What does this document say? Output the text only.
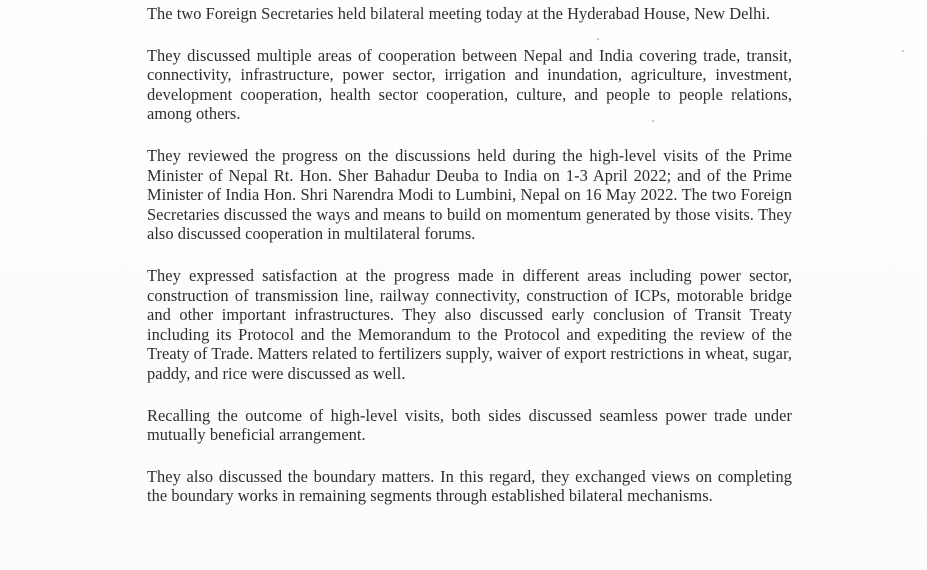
The two Foreign Secretaries held bilateral meeting today at the Hyderabad House, New Delhi.

They discussed multiple areas of cooperation between Nepal and India covering trade, transit, connectivity, infrastructure, power sector, irrigation and inundation, agriculture, investment, development cooperation, health sector cooperation, culture, and people to people relations, among others.

They reviewed the progress on the discussions held during the high-level visits of the Prime Minister of Nepal Rt. Hon. Sher Bahadur Deuba to India on 1-3 April 2022; and of the Prime Minister of India Hon. Shri Narendra Modi to Lumbini, Nepal on 16 May 2022. The two Foreign Secretaries discussed the ways and means to build on momentum generated by those visits. They also discussed cooperation in multilateral forums.

They expressed satisfaction at the progress made in different areas including power sector, construction of transmission line, railway connectivity, construction of ICPs, motorable bridge and other important infrastructures. They also discussed early conclusion of Transit Treaty including its Protocol and the Memorandum to the Protocol and expediting the review of the Treaty of Trade. Matters related to fertilizers supply, waiver of export restrictions in wheat, sugar, paddy, and rice were discussed as well.

Recalling the outcome of high-level visits, both sides discussed seamless power trade under mutually beneficial arrangement.

They also discussed the boundary matters. In this regard, they exchanged views on completing the boundary works in remaining segments through established bilateral mechanisms.
